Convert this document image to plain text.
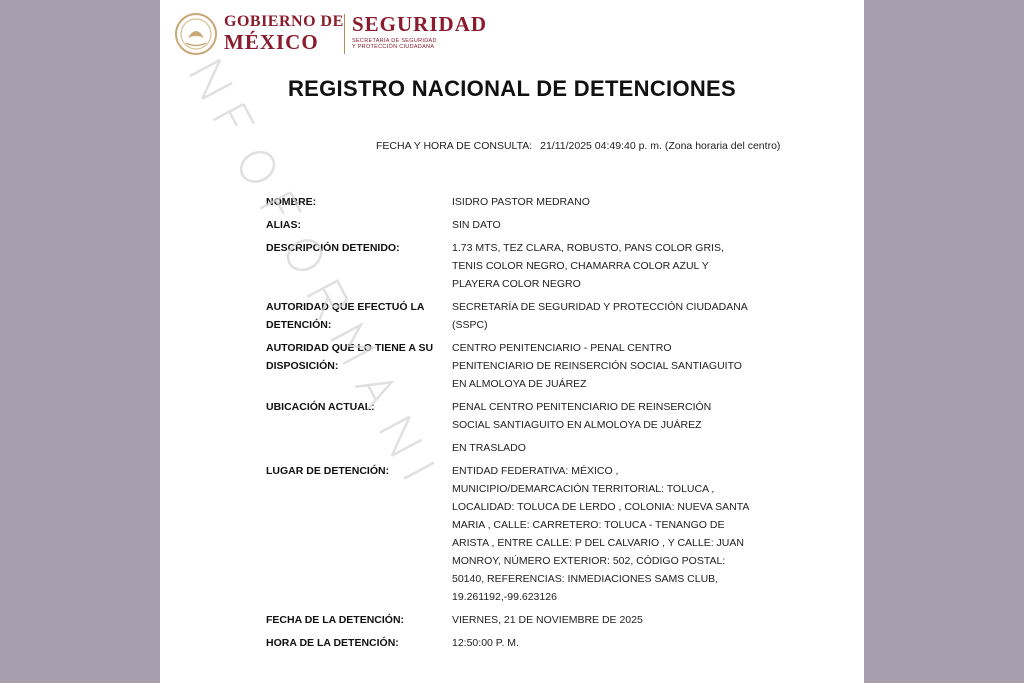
GOBIERNO DE
MÉXICO
SEGURIDAD
SECRETARÍA DE SEGURIDAD
Y PROTECCIÓN CIUDADANA
REGISTRO NACIONAL DE DETENCIONES
FECHA Y HORA DE CONSULTA: 21/11/2025 04:49:40 p. m. (Zona horaria del centro)
NOMBRE:	ISIDRO PASTOR MEDRANO
ALIAS:	SIN DATO
DESCRIPCIÓN DETENIDO:	1.73 MTS, TEZ CLARA, ROBUSTO, PANS COLOR GRIS, TENIS COLOR NEGRO, CHAMARRA COLOR AZUL Y PLAYERA COLOR NEGRO
AUTORIDAD QUE EFECTUÓ LA DETENCIÓN:
SECRETARÍA DE SEGURIDAD Y PROTECCIÓN CIUDADANA (SSPC)
AUTORIDAD QUE LO TIENE A SU DISPOSICIÓN:
CENTRO PENITENCIARIO - PENAL CENTRO PENITENCIARIO DE REINSERCIÓN SOCIAL SANTIAGUITO EN ALMOLOYA DE JUÁREZ
UBICACIÓN ACTUAL:	PENAL CENTRO PENITENCIARIO DE REINSERCIÓN SOCIAL SANTIAGUITO EN ALMOLOYA DE JUÁREZ
EN TRASLADO
LUGAR DE DETENCIÓN:	ENTIDAD FEDERATIVA: MÉXICO , MUNICIPIO/DEMARCACIÓN TERRITORIAL: TOLUCA , LOCALIDAD: TOLUCA DE LERDO , COLONIA: NUEVA SANTA MARIA , CALLE: CARRETERO: TOLUCA - TENANGO DE ARISTA , ENTRE CALLE: P DEL CALVARIO , Y CALLE: JUAN MONROY, NÚMERO EXTERIOR: 502, CÓDIGO POSTAL: 50140, REFERENCIAS: INMEDIACIONES SAMS CLUB, 19.261192,-99.623126
FECHA DE LA DETENCIÓN:	VIERNES, 21 DE NOVIEMBRE DE 2025
HORA DE LA DETENCIÓN:	12:50:00 P. M.
